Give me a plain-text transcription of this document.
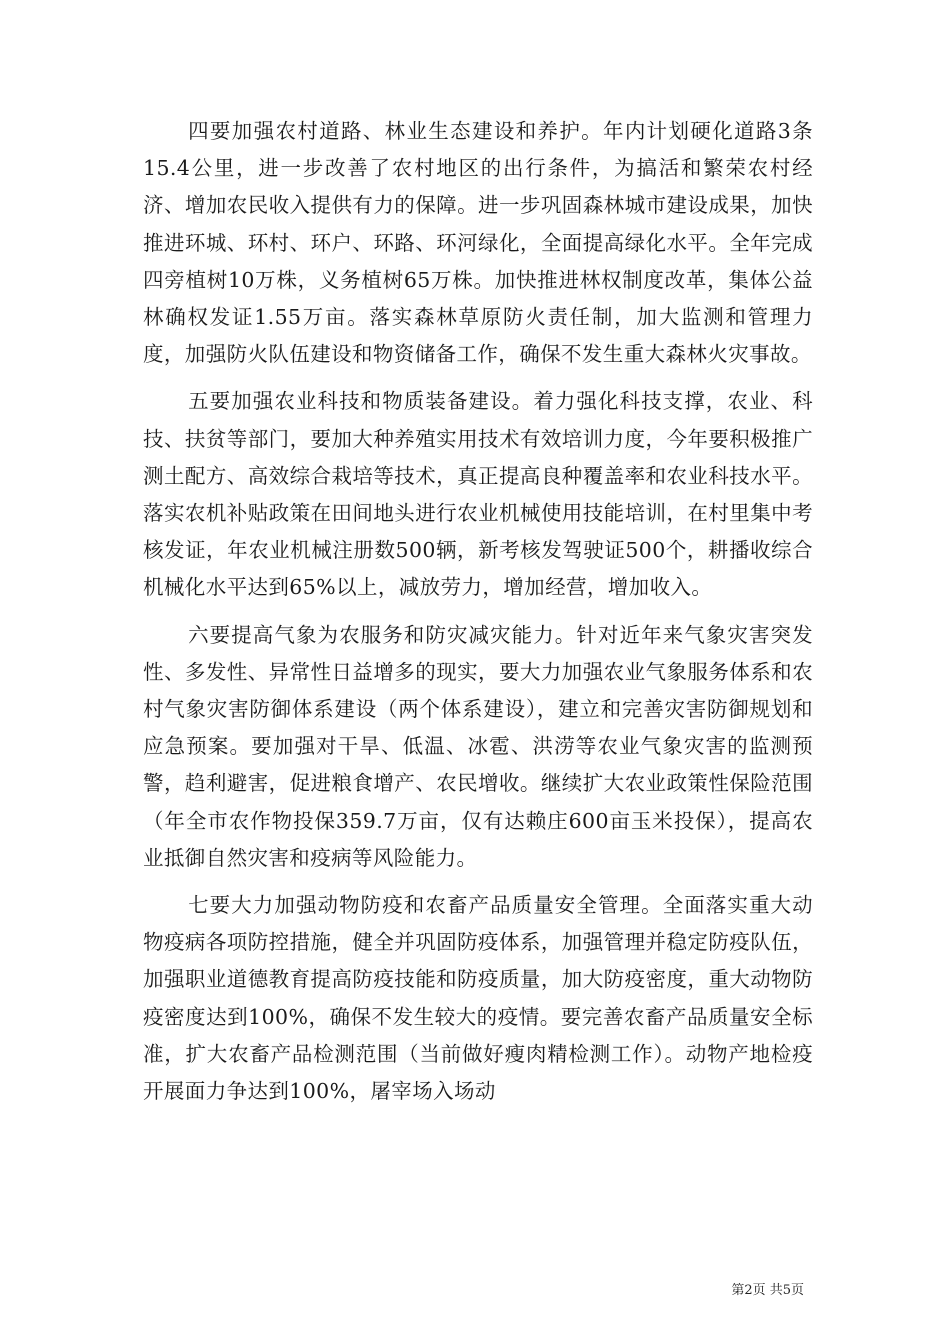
四要加强农村道路、林业生态建设和养护。年内计划硬化道路3条15.4公里，进一步改善了农村地区的出行条件，为搞活和繁荣农村经济、增加农民收入提供有力的保障。进一步巩固森林城市建设成果，加快推进环城、环村、环户、环路、环河绿化，全面提高绿化水平。全年完成四旁植树10万株，义务植树65万株。加快推进林权制度改革，集体公益林确权发证1.55万亩。落实森林草原防火责任制，加大监测和管理力度，加强防火队伍建设和物资储备工作，确保不发生重大森林火灾事故。

五要加强农业科技和物质装备建设。着力强化科技支撑，农业、科技、扶贫等部门，要加大种养殖实用技术有效培训力度，今年要积极推广测土配方、高效综合栽培等技术，真正提高良种覆盖率和农业科技水平。落实农机补贴政策在田间地头进行农业机械使用技能培训，在村里集中考核发证，年农业机械注册数500辆，新考核发驾驶证500个，耕播收综合机械化水平达到65%以上，减放劳力，增加经营，增加收入。

六要提高气象为农服务和防灾减灾能力。针对近年来气象灾害突发性、多发性、异常性日益增多的现实，要大力加强农业气象服务体系和农村气象灾害防御体系建设（两个体系建设），建立和完善灾害防御规划和应急预案。要加强对干旱、低温、冰雹、洪涝等农业气象灾害的监测预警，趋利避害，促进粮食增产、农民增收。继续扩大农业政策性保险范围（年全市农作物投保359.7万亩，仅有达赖庄600亩玉米投保），提高农业抵御自然灾害和疫病等风险能力。

七要大力加强动物防疫和农畜产品质量安全管理。全面落实重大动物疫病各项防控措施，健全并巩固防疫体系，加强管理并稳定防疫队伍，加强职业道德教育提高防疫技能和防疫质量，加大防疫密度，重大动物防疫密度达到100%，确保不发生较大的疫情。要完善农畜产品质量安全标准，扩大农畜产品检测范围（当前做好瘦肉精检测工作）。动物产地检疫开展面力争达到100%，屠宰场入场动

第2页 共5页
